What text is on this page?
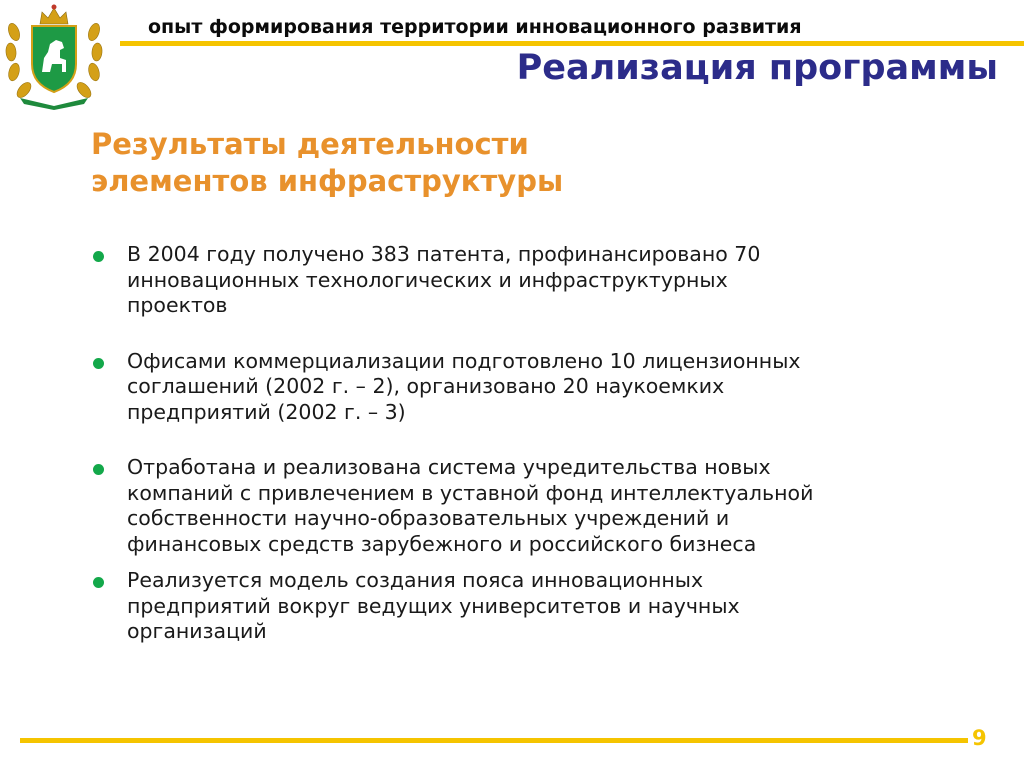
опыт формирования территории инновационного развития
Реализация программы
Результаты деятельности
элементов инфраструктуры
В 2004 году получено 383 патента, профинансировано 70
инновационных технологических и инфраструктурных
проектов
Офисами коммерциализации подготовлено 10 лицензионных
соглашений (2002 г. – 2), организовано 20 наукоемких
предприятий (2002 г. – 3)
Отработана и реализована система учредительства новых
компаний с привлечением в уставной фонд интеллектуальной
собственности научно-образовательных учреждений и
финансовых средств зарубежного и российского бизнеса
Реализуется модель создания пояса инновационных
предприятий вокруг ведущих университетов и научных
организаций
9
